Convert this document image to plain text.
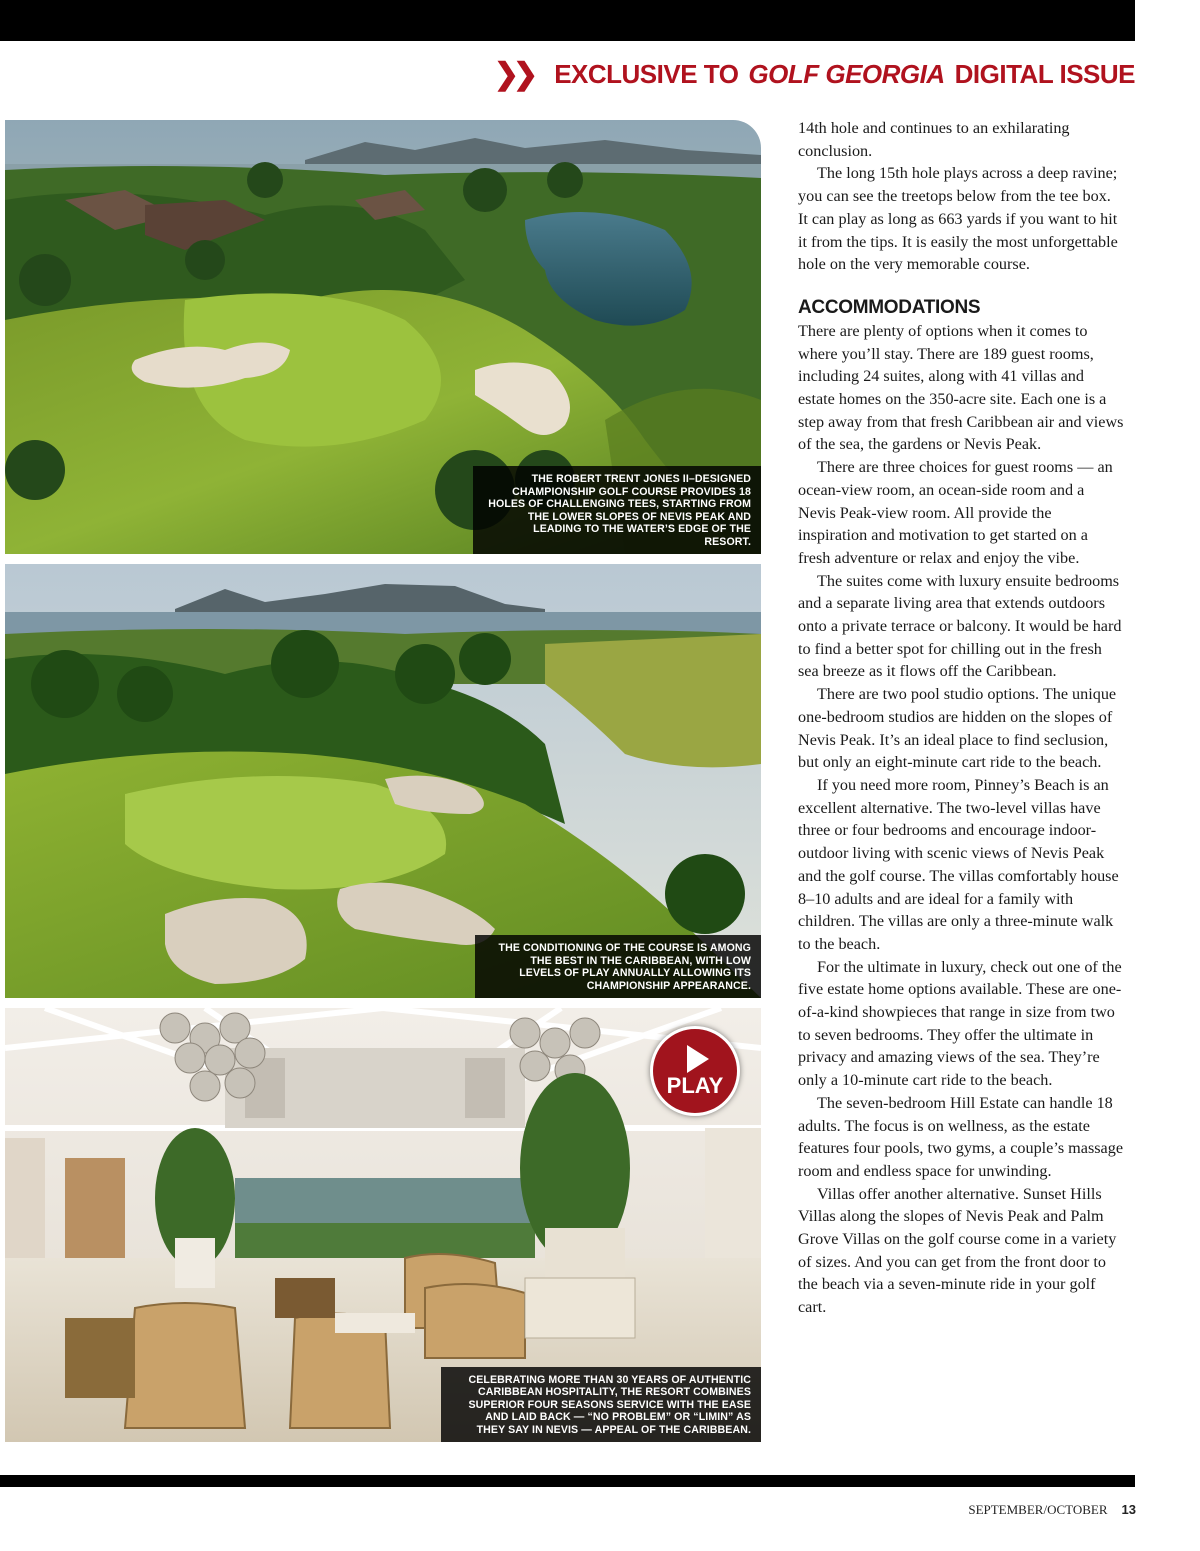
❯❯ EXCLUSIVE TO GOLF GEORGIA DIGITAL ISSUE
THE ROBERT TRENT JONES II–DESIGNED CHAMPIONSHIP GOLF COURSE PROVIDES 18 HOLES OF CHALLENGING TEES, STARTING FROM THE LOWER SLOPES OF NEVIS PEAK AND LEADING TO THE WATER’S EDGE OF THE RESORT.
THE CONDITIONING OF THE COURSE IS AMONG THE BEST IN THE CARIBBEAN, WITH LOW LEVELS OF PLAY ANNUALLY ALLOWING ITS CHAMPIONSHIP APPEARANCE.
CELEBRATING MORE THAN 30 YEARS OF AUTHENTIC CARIBBEAN HOSPITALITY, THE RESORT COMBINES SUPERIOR FOUR SEASONS SERVICE WITH THE EASE AND LAID BACK — “NO PROBLEM” OR “LIMIN” AS THEY SAY IN NEVIS — APPEAL OF THE CARIBBEAN.
PLAY

14th hole and continues to an exhilarating conclusion.

The long 15th hole plays across a deep ravine; you can see the treetops below from the tee box. It can play as long as 663 yards if you want to hit it from the tips. It is easily the most unforgettable hole on the very memorable course.

ACCOMMODATIONS

There are plenty of options when it comes to where you’ll stay. There are 189 guest rooms, including 24 suites, along with 41 villas and estate homes on the 350-acre site. Each one is a step away from that fresh Caribbean air and views of the sea, the gardens or Nevis Peak.

There are three choices for guest rooms — an ocean-view room, an ocean-side room and a Nevis Peak-view room. All provide the inspiration and motivation to get started on a fresh adventure or relax and enjoy the vibe.

The suites come with luxury ensuite bedrooms and a separate living area that extends outdoors onto a private terrace or balcony. It would be hard to find a better spot for chilling out in the fresh sea breeze as it flows off the Caribbean.

There are two pool studio options. The unique one-bedroom studios are hidden on the slopes of Nevis Peak. It’s an ideal place to find seclusion, but only an eight-minute cart ride to the beach.

If you need more room, Pinney’s Beach is an excellent alternative. The two-level villas have three or four bedrooms and encourage indoor-outdoor living with scenic views of Nevis Peak and the golf course. The villas comfortably house 8–10 adults and are ideal for a family with children. The villas are only a three-minute walk to the beach.

For the ultimate in luxury, check out one of the five estate home options available. These are one-of-a-kind showpieces that range in size from two to seven bedrooms. They offer the ultimate in privacy and amazing views of the sea. They’re only a 10-minute cart ride to the beach.

The seven-bedroom Hill Estate can handle 18 adults. The focus is on wellness, as the estate features four pools, two gyms, a couple’s massage room and endless space for unwinding.

Villas offer another alternative. Sunset Hills Villas along the slopes of Nevis Peak and Palm Grove Villas on the golf course come in a variety of sizes. And you can get from the front door to the beach via a seven-minute ride in your golf cart.

SEPTEMBER/OCTOBER 13
